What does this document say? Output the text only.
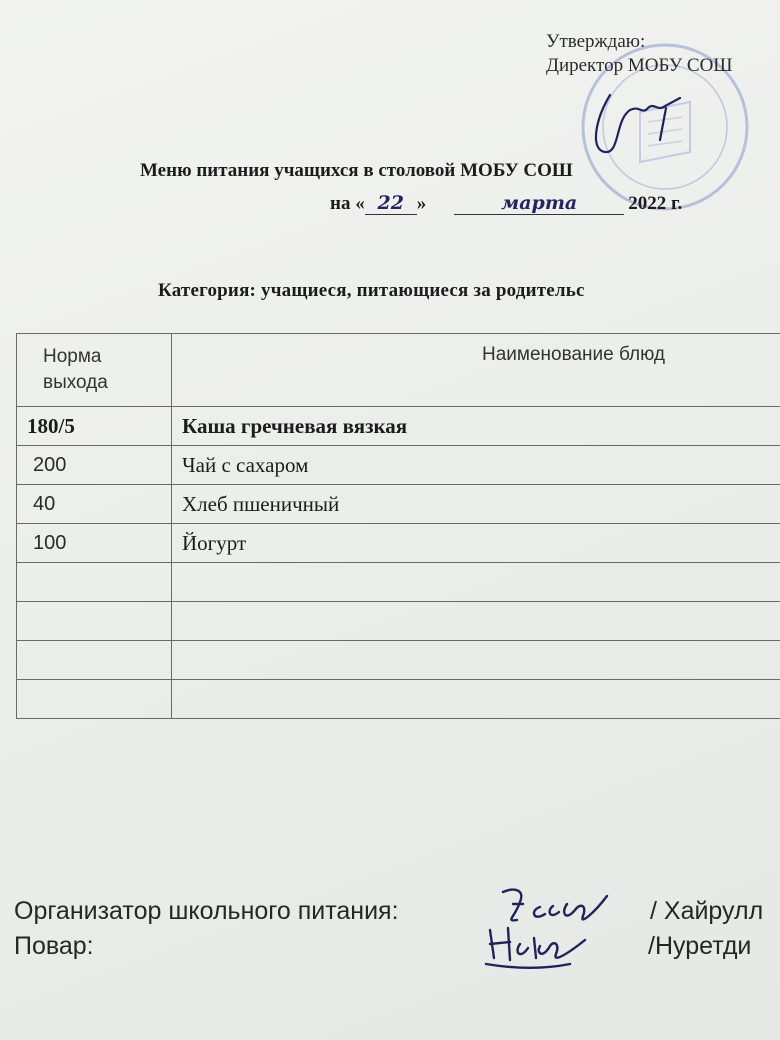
Утверждаю:
Директор МОБУ СОШ
Меню питания учащихся в столовой МОБУ СОШ
на « 22 »	марта	2022 г.
Категория: учащиеся, питающиеся за родительс
Норма выхода	Наименование блюд
180/5	Каша гречневая вязкая
200	Чай с сахаром
40	Хлеб пшеничный
100	Йогурт

Организатор школьного питания:	/ Хайрулл
Повар:	/Нуретди
